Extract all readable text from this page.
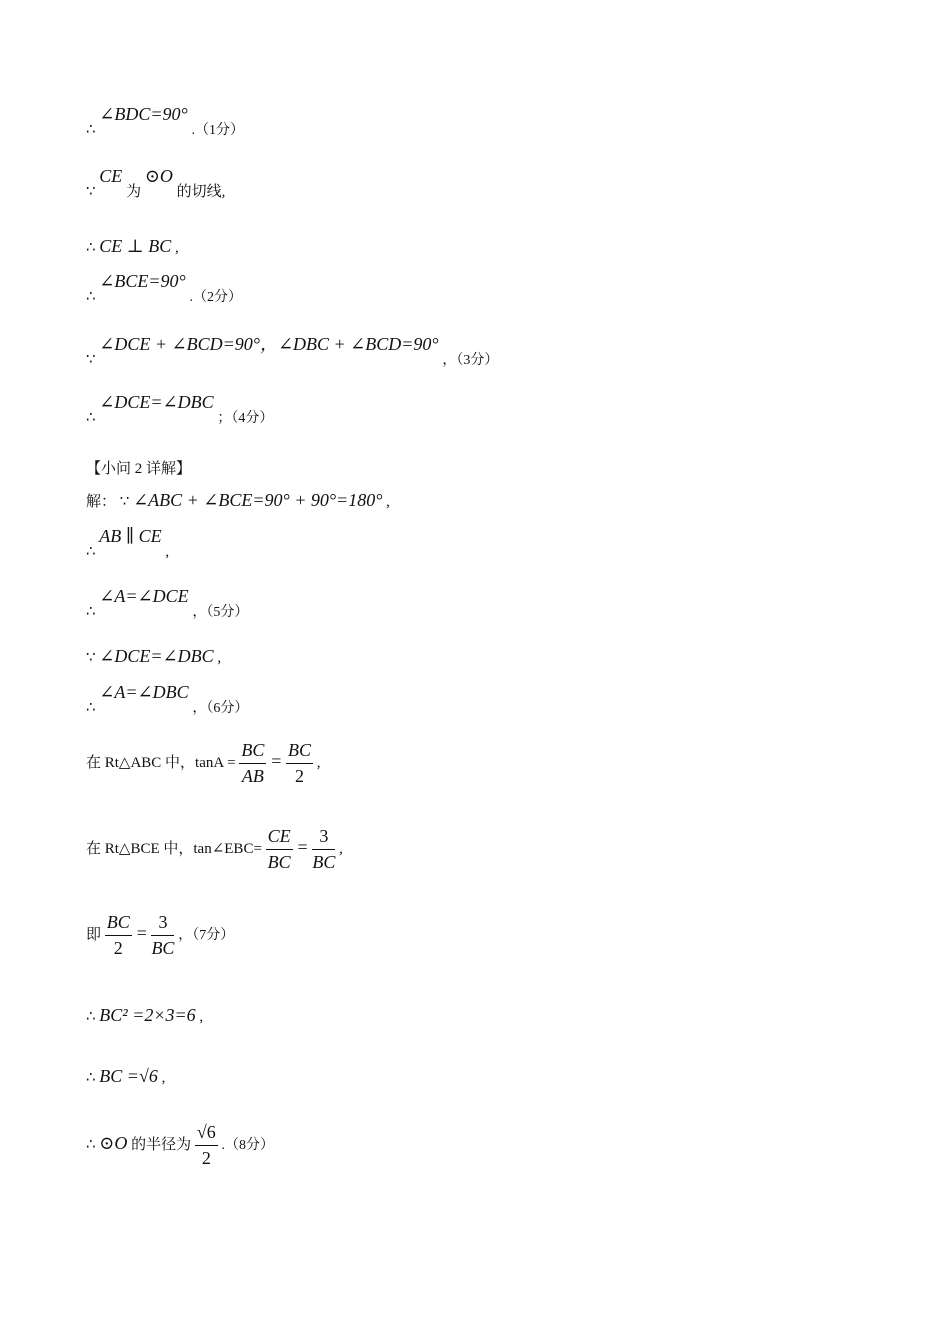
∴ ∠BDC=90° .（1分）
∵ CE 为 ⊙O 的切线,
∴ CE ⊥ BC ,
∴ ∠BCE=90° .（2分）
∵ ∠DCE + ∠BCD=90°，∠DBC + ∠BCD=90° ，（3分）
∴ ∠DCE=∠DBC ；（4分）
【小问 2 详解】
解： ∵ ∠ABC + ∠BCE=90° + 90°=180° ,
∴ AB ∥ CE ,
∴ ∠A=∠DCE ，（5分）
∵ ∠DCE=∠DBC ,
∴ ∠A=∠DBC ，（6分）
在 Rt△ABC 中，$\tan A = \frac{BC}{AB} = \frac{BC}{2}$ ,
在 Rt△BCE 中，tan∠EBC= $\frac{CE}{BC} = \frac{3}{BC}$ ,
即 $\frac{BC}{2} = \frac{3}{BC}$ ，（7分）
∴ BC² =2×3=6 ,
∴ BC =√6 ,
∴ ⊙O 的半径为 $\frac{√6}{2} .(8$分）
